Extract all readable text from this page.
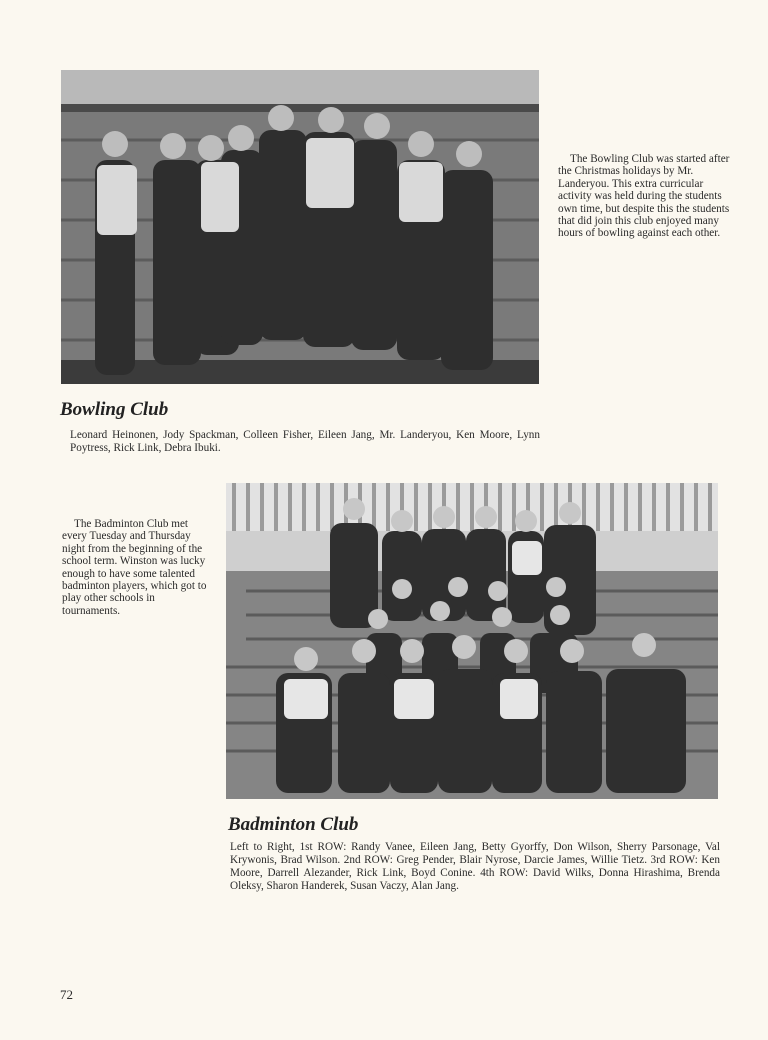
The Bowling Club was started after the Christmas holidays by Mr. Landeryou. This extra curricular activity was held during the students own time, but despite this the students that did join this club enjoyed many hours of bowling against each other.

Bowling Club

Leonard Heinonen, Jody Spackman, Colleen Fisher, Eileen Jang, Mr. Landeryou, Ken Moore, Lynn Poytress, Rick Link, Debra Ibuki.

The Badminton Club met every Tuesday and Thursday night from the beginning of the school term. Winston was lucky enough to have some talented badminton players, which got to play other schools in tournaments.

Badminton Club

Left to Right, 1st ROW: Randy Vanee, Eileen Jang, Betty Gyorffy, Don Wilson, Sherry Parsonage, Val Krywonis, Brad Wilson. 2nd ROW: Greg Pender, Blair Nyrose, Darcie James, Willie Tietz. 3rd ROW: Ken Moore, Darrell Alezander, Rick Link, Boyd Conine. 4th ROW: David Wilks, Donna Hirashima, Brenda Oleksy, Sharon Handerek, Susan Vaczy, Alan Jang.

72
